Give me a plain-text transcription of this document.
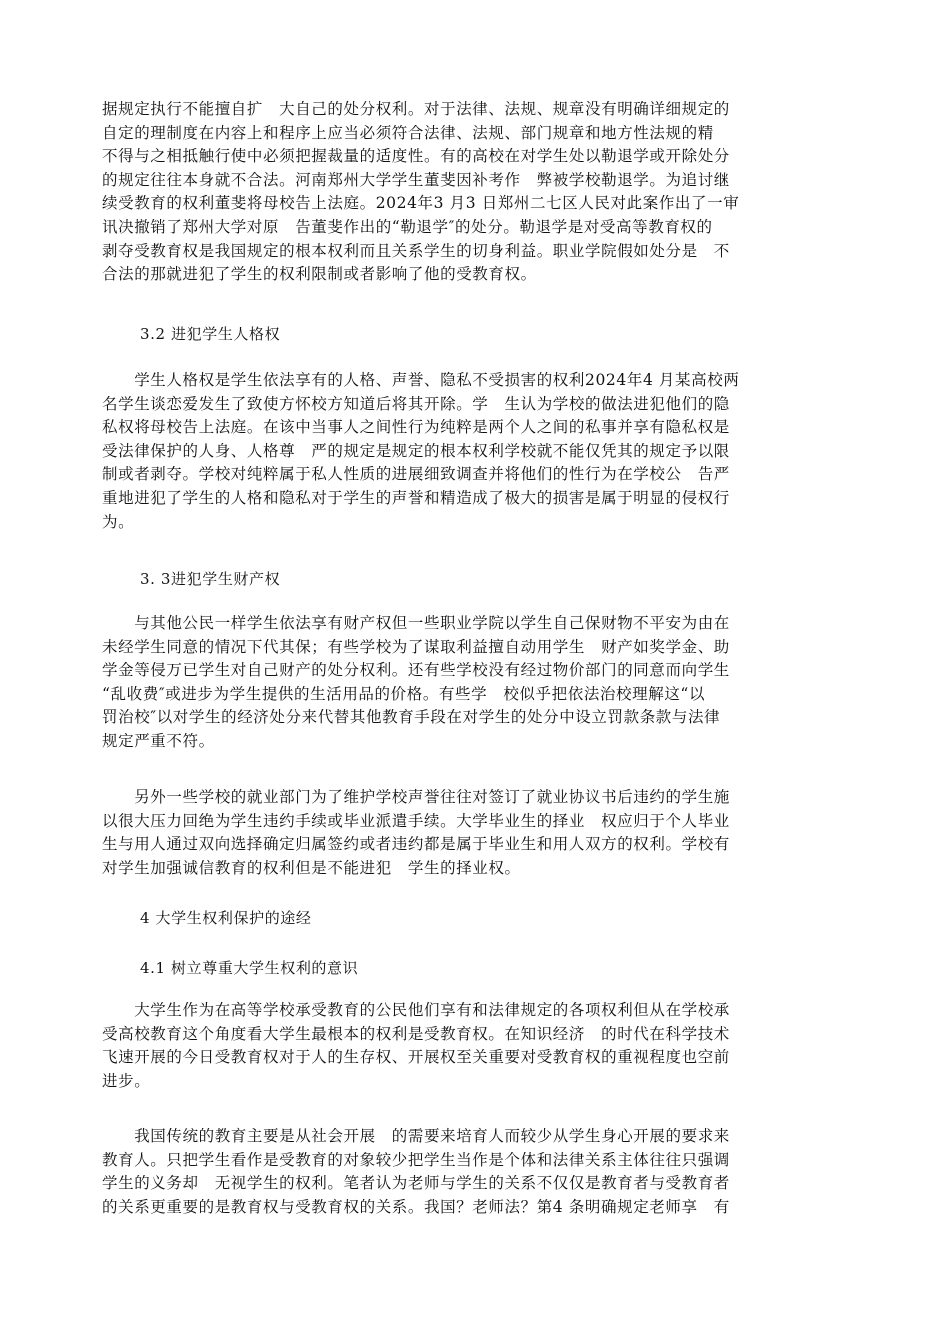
据规定执行不能擅自扩　大自己的处分权利。对于法律、法规、规章没有明确详细规定的
自定的理制度在内容上和程序上应当必须符合法律、法规、部门规章和地方性法规的精
不得与之相抵触行使中必须把握裁量的适度性。有的高校在对学生处以勒退学或开除处分
的规定往往本身就不合法。河南郑州大学学生董斐因补考作　弊被学校勒退学。为追讨继
续受教育的权利董斐将母校告上法庭。2024年3 月3 日郑州二七区人民对此案作出了一审
讯决撤销了郑州大学对原　告董斐作出的“勒退学″的处分。勒退学是对受高等教育权的
剥夺受教育权是我国规定的根本权利而且关系学生的切身利益。职业学院假如处分是　不
合法的那就进犯了学生的权利限制或者影响了他的受教育权。
3.2 进犯学生人格权
　　学生人格权是学生依法享有的人格、声誉、隐私不受损害的权利2024年4 月某高校两
名学生谈恋爱发生了致使方怀校方知道后将其开除。学　生认为学校的做法进犯他们的隐
私权将母校告上法庭。在该中当事人之间性行为纯粹是两个人之间的私事并享有隐私权是
受法律保护的人身、人格尊　严的规定是规定的根本权利学校就不能仅凭其的规定予以限
制或者剥夺。学校对纯粹属于私人性质的进展细致调查并将他们的性行为在学校公　告严
重地进犯了学生的人格和隐私对于学生的声誉和精造成了极大的损害是属于明显的侵权行
为。
3. 3进犯学生财产权
　　与其他公民一样学生依法享有财产权但一些职业学院以学生自己保财物不平安为由在
未经学生同意的情况下代其保；有些学校为了谋取利益擅自动用学生　财产如奖学金、助
学金等侵万已学生对自己财产的处分权利。还有些学校没有经过物价部门的同意而向学生
“乱收费″或进步为学生提供的生活用品的价格。有些学　校似乎把依法治校理解这“以
罚治校″以对学生的经济处分来代替其他教育手段在对学生的处分中设立罚款条款与法律
规定严重不符。
　　另外一些学校的就业部门为了维护学校声誉往往对签订了就业协议书后违约的学生施
以很大压力回绝为学生违约手续或毕业派遣手续。大学毕业生的择业　权应归于个人毕业
生与用人通过双向选择确定归属签约或者违约都是属于毕业生和用人双方的权利。学校有
对学生加强诚信教育的权利但是不能进犯　学生的择业权。
4 大学生权利保护的途经
4.1 树立尊重大学生权利的意识
　　大学生作为在高等学校承受教育的公民他们享有和法律规定的各项权利但从在学校承
受高校教育这个角度看大学生最根本的权利是受教育权。在知识经济　的时代在科学技术
飞速开展的今日受教育权对于人的生存权、开展权至关重要对受教育权的重视程度也空前
进步。
　　我国传统的教育主要是从社会开展　的需要来培育人而较少从学生身心开展的要求来
教育人。只把学生看作是受教育的对象较少把学生当作是个体和法律关系主体往往只强调
学生的义务却　无视学生的权利。笔者认为老师与学生的关系不仅仅是教育者与受教育者
的关系更重要的是教育权与受教育权的关系。我国？老师法？第4 条明确规定老师享　有
